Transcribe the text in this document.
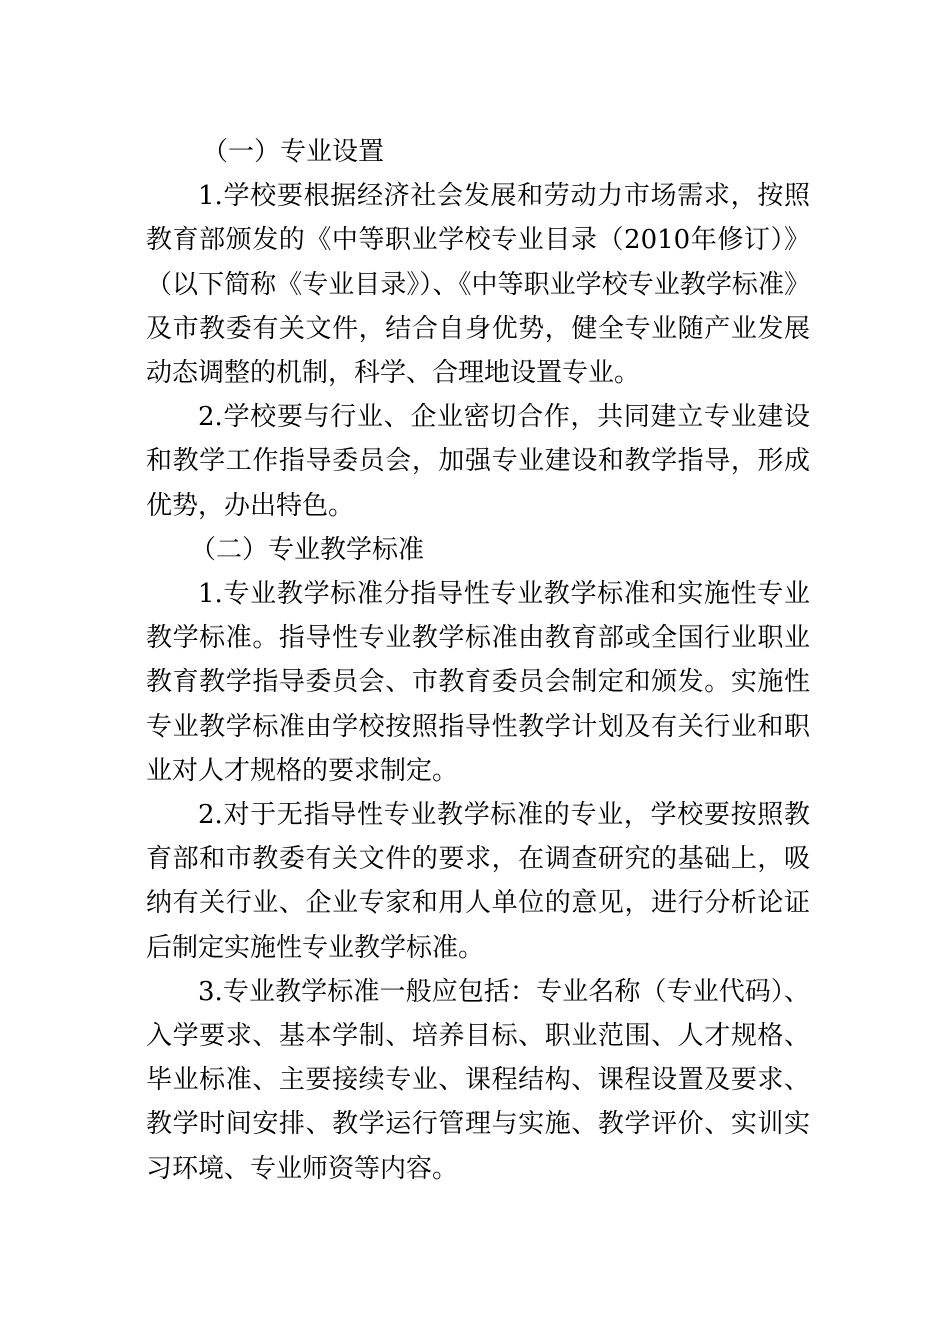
（一）专业设置

1.学校要根据经济社会发展和劳动力市场需求，按照教育部颁发的《中等职业学校专业目录（2010年修订）》（以下简称《专业目录》）、《中等职业学校专业教学标准》及市教委有关文件，结合自身优势，健全专业随产业发展动态调整的机制，科学、合理地设置专业。

2.学校要与行业、企业密切合作，共同建立专业建设和教学工作指导委员会，加强专业建设和教学指导，形成优势，办出特色。

（二）专业教学标准

1.专业教学标准分指导性专业教学标准和实施性专业教学标准。指导性专业教学标准由教育部或全国行业职业教育教学指导委员会、市教育委员会制定和颁发。实施性专业教学标准由学校按照指导性教学计划及有关行业和职业对人才规格的要求制定。

2.对于无指导性专业教学标准的专业，学校要按照教育部和市教委有关文件的要求，在调查研究的基础上，吸纳有关行业、企业专家和用人单位的意见，进行分析论证后制定实施性专业教学标准。

3.专业教学标准一般应包括：专业名称（专业代码）、入学要求、基本学制、培养目标、职业范围、人才规格、毕业标准、主要接续专业、课程结构、课程设置及要求、教学时间安排、教学运行管理与实施、教学评价、实训实习环境、专业师资等内容。
